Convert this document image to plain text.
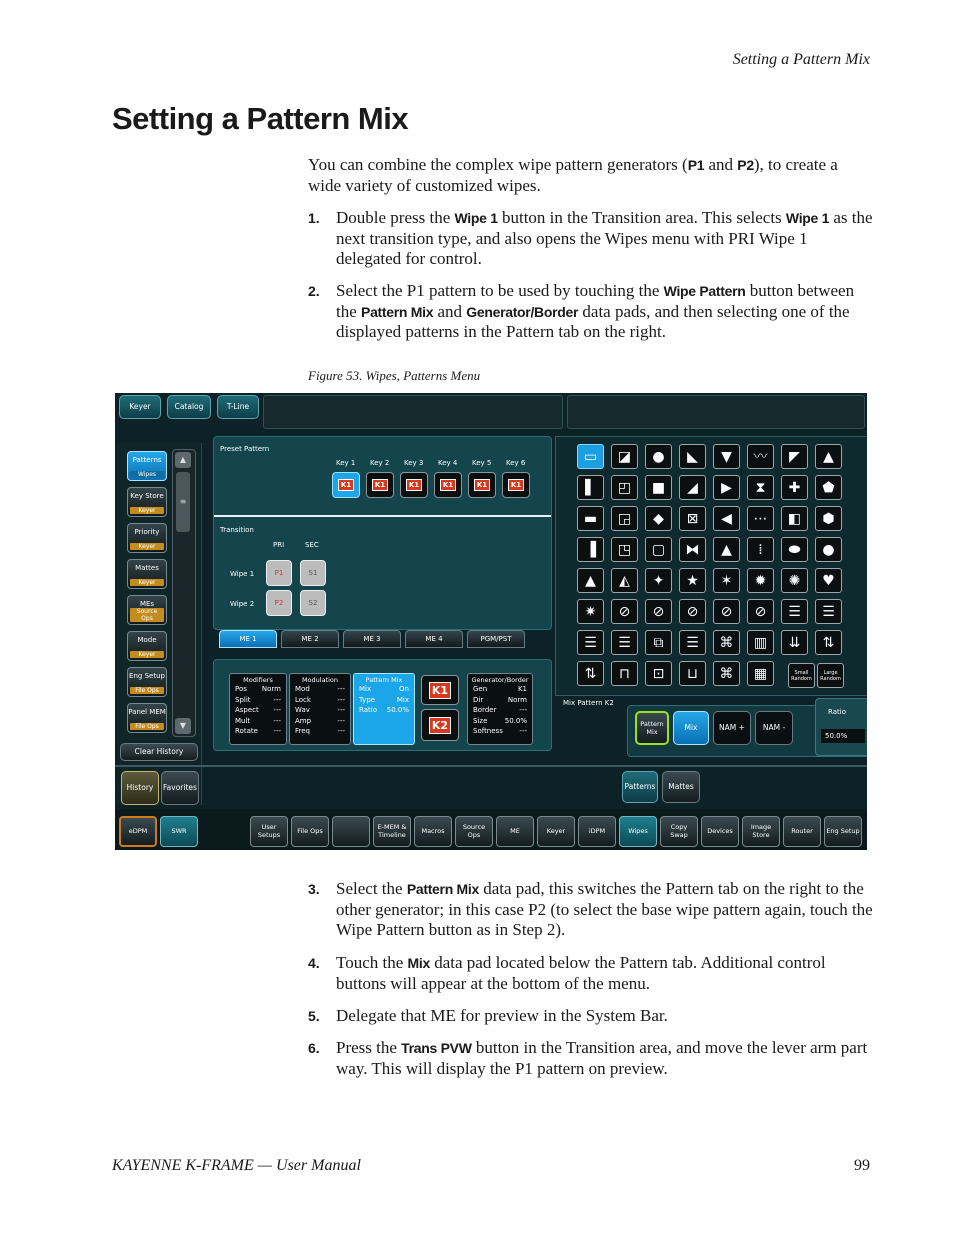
Setting a Pattern Mix
Setting a Pattern Mix
You can combine the complex wipe pattern generators (P1 and P2), to create a wide variety of customized wipes.
1. Double press the Wipe 1 button in the Transition area. This selects Wipe 1 as the next transition type, and also opens the Wipes menu with PRI Wipe 1 delegated for control.
2. Select the P1 pattern to be used by touching the Wipe Pattern button between the Pattern Mix and Generator/Border data pads, and then selecting one of the displayed patterns in the Pattern tab on the right.
Figure 53. Wipes, Patterns Menu
Keyer	Catalog	T-Line
Patterns
Wipes
Key Store
Keyer
Priority
Keyer
Mattes
Keyer
MEs
Source Ops
Mode
Keyer
Eng Setup
File Ops
Panel MEM
File Ops
▲
≡
▼
Clear History
History	Favorites
Preset Pattern
Key 1 Key 2 Key 3 Key 4 Key 5 Key 6
K1	K1	K1	K1	K1	K1
Transition
PRI	SEC
Wipe 1
Wipe 2
P1	S1
P2	S2
ME 1	ME 2	ME 3	ME 4	PGM/PST
Modifiers
Pos Norm
Split	---
Aspect ---
Mult	---
Rotate ---
Modulation
Mod	---
Lock	---
Wav	---
Amp	---
Freq	---
Pattern Mix
Mix	On
Type	Mix
Ratio 50.0%
K1
K2
Generator/Border
Gen	K1
Dir	Norm
Border	---
Size 50.0%
Softness ---
Small Random
Large Random
Mix Pattern K2
Pattern Mix	Mix	NAM +	NAM -
Ratio
50.0%
Patterns	Mattes
eDPM	SWR
▭ ◪ ● ◣ ▼ 〰 ◤ ▲
▌ ◰ ■ ◢ ▶ ⧗ ✚ ⬟
▬ ◲ ◆ ⊠ ◀ ⋯ ◧ ⬢
▐ ◳ ▢ ⧓ ▲ ⁞ ⬬ ●
▲ ◭ ✦ ★ ✶ ✹ ✺ ♥
✷ ⊘ ⊘ ⊘ ⊘ ⊘ ☰ ☰
☰ ☰ ⧉ ☰ ⌘ ▥ ⇊ ⇅
⇅ ⊓ ⊡ ⊔ ⌘ ▦
User Setups	File Ops	E-MEM & Timeline	Macros	Source Ops	ME	Keyer	iDPM	Wipes	Copy Swap	Devices	Image Store	Router	Eng Setup
3. Select the Pattern Mix data pad, this switches the Pattern tab on the right to the other generator; in this case P2 (to select the base wipe pattern again, touch the Wipe Pattern button as in Step 2).
4. Touch the Mix data pad located below the Pattern tab. Additional control buttons will appear at the bottom of the menu.
5. Delegate that ME for preview in the System Bar.
6. Press the Trans PVW button in the Transition area, and move the lever arm part way. This will display the P1 pattern on preview.
KAYENNE K-FRAME — User Manual	99
